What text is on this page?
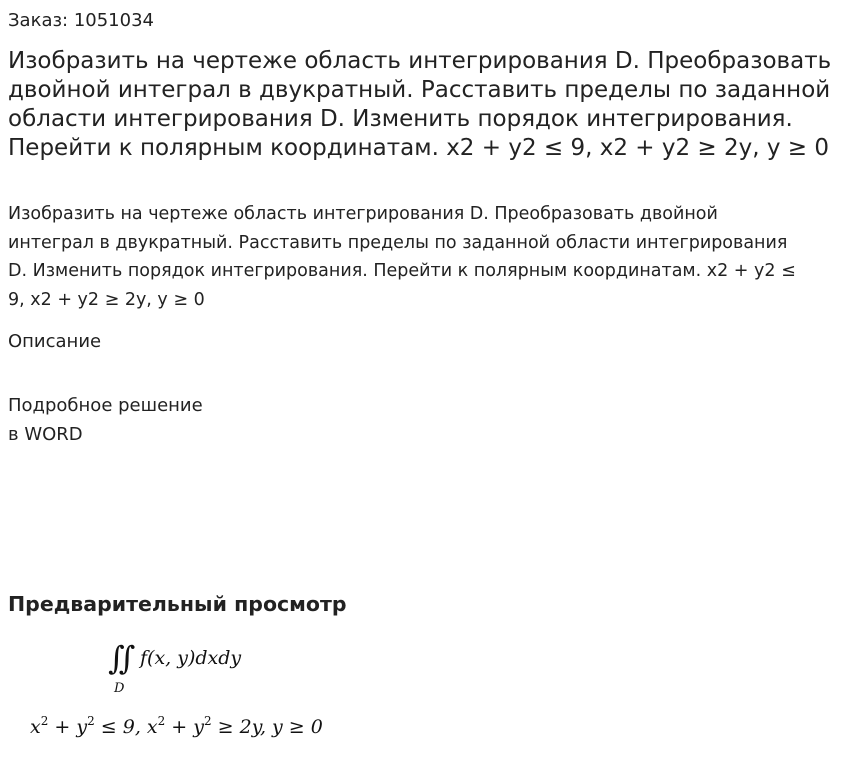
Заказ: 1051034
Изобразить на чертеже область интегрирования D. Преобразовать двойной интеграл в двукратный. Расставить пределы по заданной области интегрирования D. Изменить порядок интегрирования. Перейти к полярным координатам. x2 + y2 ≤ 9, x2 + y2 ≥ 2y, y ≥ 0

Изобразить на чертеже область интегрирования D. Преобразовать двойной интеграл в двукратный. Расставить пределы по заданной области интегрирования D. Изменить порядок интегрирования. Перейти к полярным координатам. x2 + y2 ≤ 9, x2 + y2 ≥ 2y, y ≥ 0

Описание
Подробное решение
в WORD
Предварительный просмотр
∬
D
f(x, y)dxdy
$x^2 + y^2 \le 9$, $x^2 + y^2 \ge 2y$, y ≥ 0
